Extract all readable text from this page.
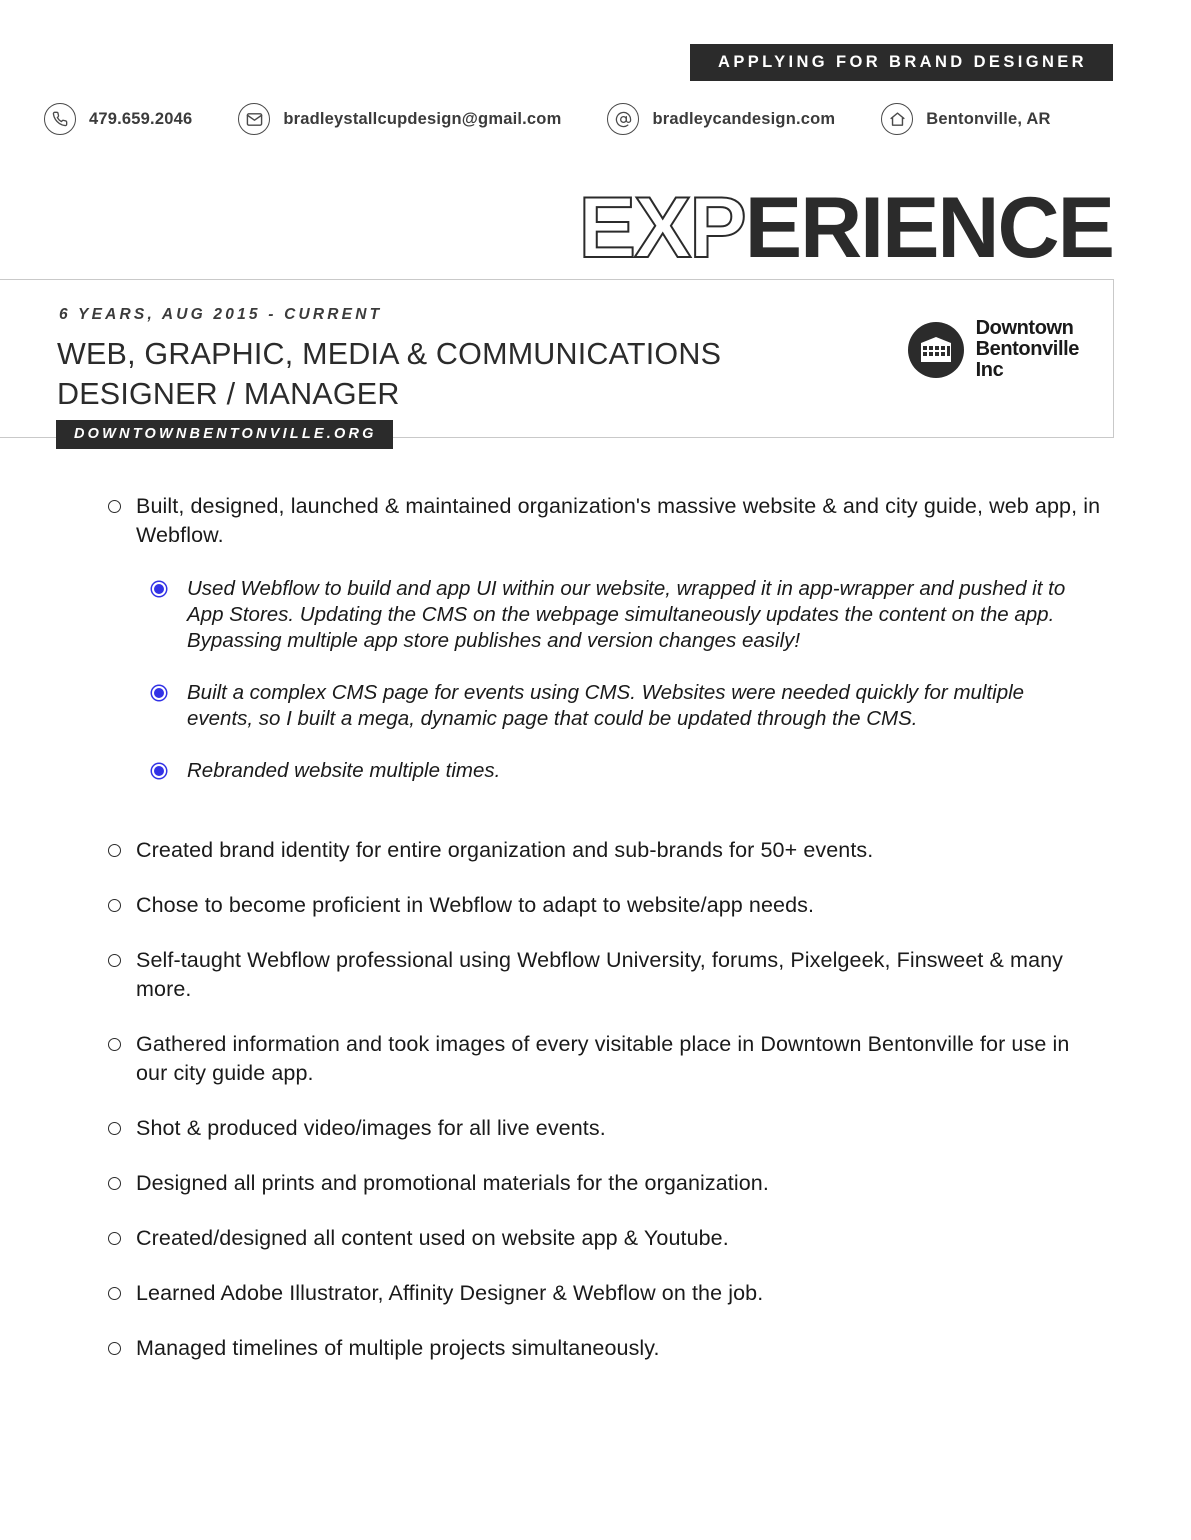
APPLYING FOR BRAND DESIGNER
479.659.2046	bradleystallcupdesign@gmail.com	bradleycandesign.com	Bentonville, AR
EXPERIENCE
6 YEARS, AUG 2015 - CURRENT
WEB, GRAPHIC, MEDIA & COMMUNICATIONS DESIGNER / MANAGER
Downtown
Bentonville
Inc
DOWNTOWNBENTONVILLE.ORG
Built, designed, launched & maintained organization's massive website & and city guide, web app, in Webflow.
Used Webflow to build and app UI within our website, wrapped it in app-wrapper and pushed it to App Stores. Updating the CMS on the webpage simultaneously updates the content on the app. Bypassing multiple app store publishes and version changes easily!
Built a complex CMS page for events using CMS. Websites were needed quickly for multiple events, so I built a mega, dynamic page that could be updated through the CMS.
Rebranded website multiple times.
Created brand identity for entire organization and sub-brands for 50+ events.
Chose to become proficient in Webflow to adapt to website/app needs.
Self-taught Webflow professional using Webflow University, forums, Pixelgeek, Finsweet & many more.
Gathered information and took images of every visitable place in Downtown Bentonville for use in our city guide app.
Shot & produced video/images for all live events.
Designed all prints and promotional materials for the organization.
Created/designed all content used on website app & Youtube.
Learned Adobe Illustrator, Affinity Designer & Webflow on the job.
Managed timelines of multiple projects simultaneously.
